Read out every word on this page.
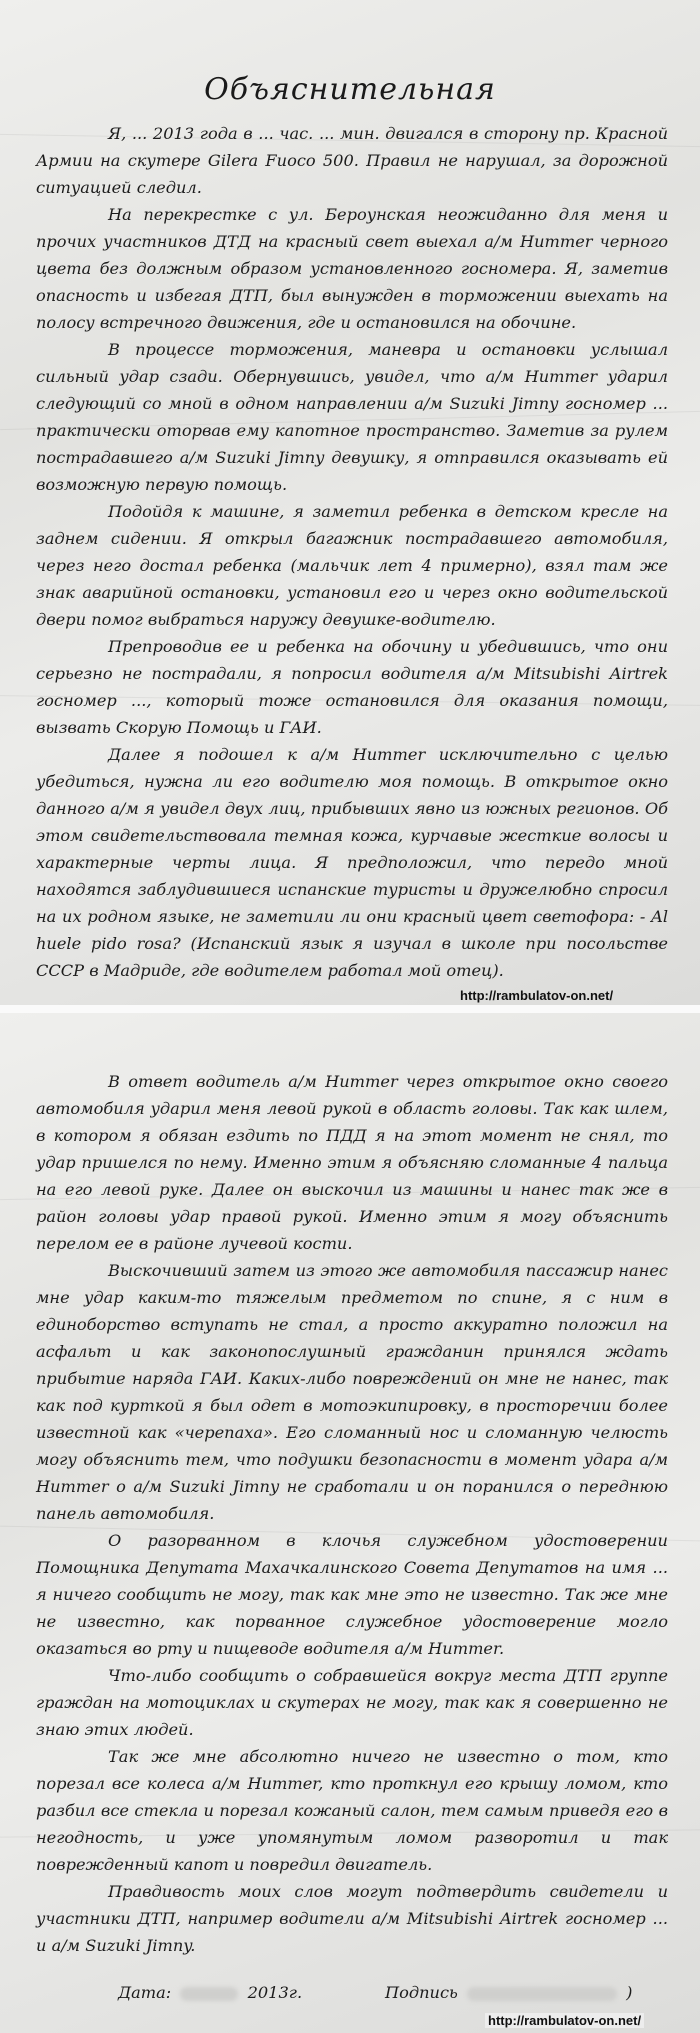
Объяснительная

Я, ... 2013 года в ... час. ... мин. двигался в сторону пр. Красной Армии на скутере Gilera Fuoco 500. Правил не нарушал, за дорожной ситуацией следил.

На перекрестке с ул. Бероунская неожиданно для меня и прочих участников ДТД на красный свет выехал а/м Hummer черного цвета без должным образом установленного госномера. Я, заметив опасность и избегая ДТП, был вынужден в торможении выехать на полосу встречного движения, где и остановился на обочине.

В процессе торможения, маневра и остановки услышал сильный удар сзади. Обернувшись, увидел, что а/м Hummer ударил следующий со мной в одном направлении а/м Suzuki Jimny госномер ... практически оторвав ему капотное пространство. Заметив за рулем пострадавшего а/м Suzuki Jimny девушку, я отправился оказывать ей возможную первую помощь.

Подойдя к машине, я заметил ребенка в детском кресле на заднем сидении. Я открыл багажник пострадавшего автомобиля, через него достал ребенка (мальчик лет 4 примерно), взял там же знак аварийной остановки, установил его и через окно водительской двери помог выбраться наружу девушке-водителю.

Препроводив ее и ребенка на обочину и убедившись, что они серьезно не пострадали, я попросил водителя а/м Mitsubishi Airtrek госномер ..., который тоже остановился для оказания помощи, вызвать Скорую Помощь и ГАИ.

Далее я подошел к а/м Hummer исключительно с целью убедиться, нужна ли его водителю моя помощь. В открытое окно данного а/м я увидел двух лиц, прибывших явно из южных регионов. Об этом свидетельствовала темная кожа, курчавые жесткие волосы и характерные черты лица. Я предположил, что передо мной находятся заблудившиеся испанские туристы и дружелюбно спросил на их родном языке, не заметили ли они красный цвет светофора: - Al huele pido rosa? (Испанский язык я изучал в школе при посольстве СССР в Мадриде, где водителем работал мой отец).

http://rambulatov-on.net/

В ответ водитель а/м Hummer через открытое окно своего автомобиля ударил меня левой рукой в область головы. Так как шлем, в котором я обязан ездить по ПДД я на этот момент не снял, то удар пришелся по нему. Именно этим я объясняю сломанные 4 пальца на его левой руке. Далее он выскочил из машины и нанес так же в район головы удар правой рукой. Именно этим я могу объяснить перелом ее в районе лучевой кости.

Выскочивший затем из этого же автомобиля пассажир нанес мне удар каким-то тяжелым предметом по спине, я с ним в единоборство вступать не стал, а просто аккуратно положил на асфальт и как законопослушный гражданин принялся ждать прибытие наряда ГАИ. Каких-либо повреждений он мне не нанес, так как под курткой я был одет в мотоэкипировку, в просторечии более известной как «черепаха». Его сломанный нос и сломанную челюсть могу объяснить тем, что подушки безопасности в момент удара а/м Hummer о а/м Suzuki Jimny не сработали и он поранился о переднюю панель автомобиля.

О разорванном в клочья служебном удостоверении Помощника Депутата Махачкалинского Совета Депутатов на имя ... я ничего сообщить не могу, так как мне это не известно. Так же мне не известно, как порванное служебное удостоверение могло оказаться во рту и пищеводе водителя а/м Hummer.

Что-либо сообщить о собравшейся вокруг места ДТП группе граждан на мотоциклах и скутерах не могу, так как я совершенно не знаю этих людей.

Так же мне абсолютно ничего не известно о том, кто порезал все колеса а/м Hummer, кто проткнул его крышу ломом, кто разбил все стекла и порезал кожаный салон, тем самым приведя его в негодность, и уже упомянутым ломом разворотил и так поврежденный капот и повредил двигатель.

Правдивость моих слов могут подтвердить свидетели и участники ДТП, например водители а/м Mitsubishi Airtrek госномер ... и а/м Suzuki Jimny.

Дата:	2013г.	Подпись	)
http://rambulatov-on.net/
